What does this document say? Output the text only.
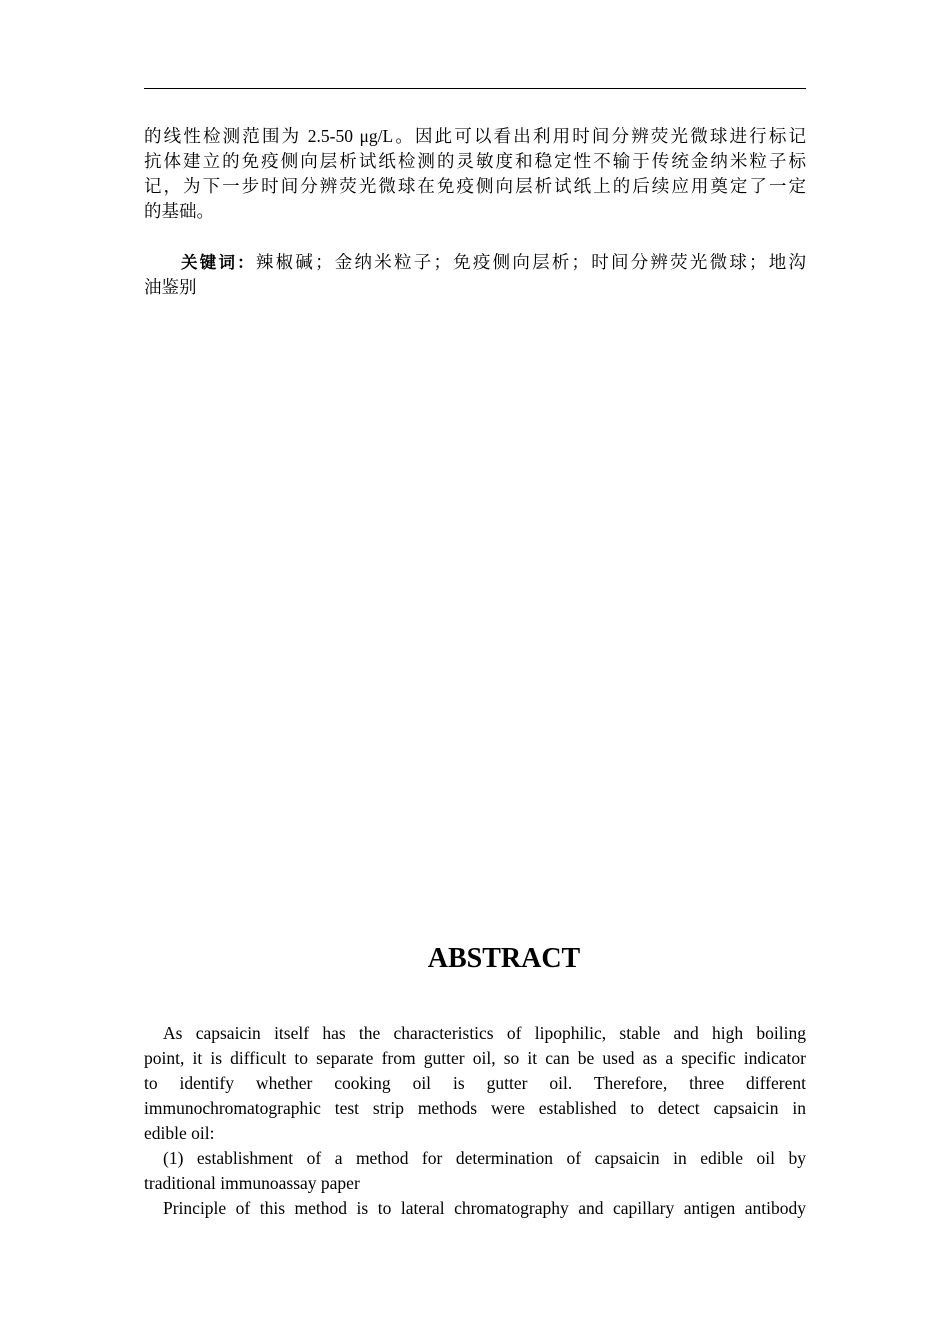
的线性检测范围为 2.5-50 μg/L。因此可以看出利用时间分辨荧光微球进行标记
抗体建立的免疫侧向层析试纸检测的灵敏度和稳定性不输于传统金纳米粒子标
记，为下一步时间分辨荧光微球在免疫侧向层析试纸上的后续应用奠定了一定
的基础。
关键词：辣椒碱；金纳米粒子；免疫侧向层析；时间分辨荧光微球；地沟
油鉴别
ABSTRACT
As capsaicin itself has the characteristics of lipophilic, stable and high boiling
point, it is difficult to separate from gutter oil, so it can be used as a specific indicator
to identify whether cooking oil is gutter oil. Therefore, three different
immunochromatographic test strip methods were established to detect capsaicin in
edible oil:
(1) establishment of a method for determination of capsaicin in edible oil by
traditional immunoassay paper
Principle of this method is to lateral chromatography and capillary antigen antibody
